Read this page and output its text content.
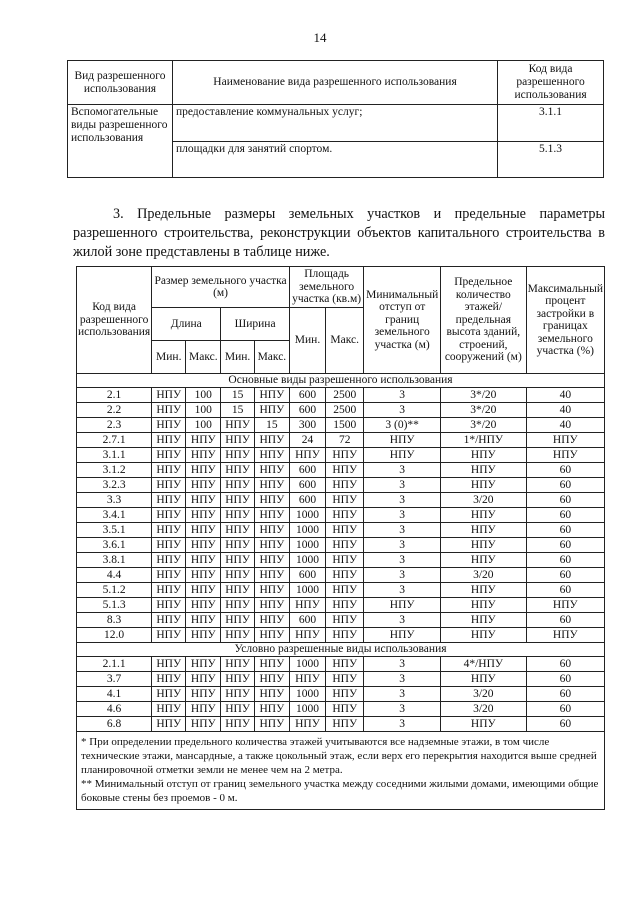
14
Вид разрешенного использования	Наименование вида разрешенного использования	Код вида разрешенного использования
Вспомогательные виды разрешенного использования	предоставление коммунальных услуг;	3.1.1
	площадки для занятий спортом.	5.1.3
3. Предельные размеры земельных участков и предельные параметры разрешенного строительства, реконструкции объектов капитального строительства в жилой зоне представлены в таблице ниже.
Код вида разрешенного использования	Размер земельного участка (м)				Площадь земельного участка (кв.м)		Минимальный отступ от границ земельного участка (м)	Предельное количество этажей/ предельная высота зданий, строений, сооружений (м)	Максимальный процент застройки в границах земельного участка (%)
	Длина		Ширина		Мин.	Макс.			
	Мин.	Макс.	Мин.	Макс.					
Основные виды разрешенного использования									
2.1	НПУ	100	15	НПУ	600	2500	3	3*/20	40
2.2	НПУ	100	15	НПУ	600	2500	3	3*/20	40
2.3	НПУ	100	НПУ	15	300	1500	3 (0)**	3*/20	40
2.7.1	НПУ	НПУ	НПУ	НПУ	24	72	НПУ	1*/НПУ	НПУ
3.1.1	НПУ	НПУ	НПУ	НПУ	НПУ	НПУ	НПУ	НПУ	НПУ
3.1.2	НПУ	НПУ	НПУ	НПУ	600	НПУ	3	НПУ	60
3.2.3	НПУ	НПУ	НПУ	НПУ	600	НПУ	3	НПУ	60
3.3	НПУ	НПУ	НПУ	НПУ	600	НПУ	3	3/20	60
3.4.1	НПУ	НПУ	НПУ	НПУ	1000	НПУ	3	НПУ	60
3.5.1	НПУ	НПУ	НПУ	НПУ	1000	НПУ	3	НПУ	60
3.6.1	НПУ	НПУ	НПУ	НПУ	1000	НПУ	3	НПУ	60
3.8.1	НПУ	НПУ	НПУ	НПУ	1000	НПУ	3	НПУ	60
4.4	НПУ	НПУ	НПУ	НПУ	600	НПУ	3	3/20	60
5.1.2	НПУ	НПУ	НПУ	НПУ	1000	НПУ	3	НПУ	60
5.1.3	НПУ	НПУ	НПУ	НПУ	НПУ	НПУ	НПУ	НПУ	НПУ
8.3	НПУ	НПУ	НПУ	НПУ	600	НПУ	3	НПУ	60
12.0	НПУ	НПУ	НПУ	НПУ	НПУ	НПУ	НПУ	НПУ	НПУ
Условно разрешенные виды использования									
2.1.1	НПУ	НПУ	НПУ	НПУ	1000	НПУ	3	4*/НПУ	60
3.7	НПУ	НПУ	НПУ	НПУ	НПУ	НПУ	3	НПУ	60
4.1	НПУ	НПУ	НПУ	НПУ	1000	НПУ	3	3/20	60
4.6	НПУ	НПУ	НПУ	НПУ	1000	НПУ	3	3/20	60
6.8	НПУ	НПУ	НПУ	НПУ	НПУ	НПУ	3	НПУ	60

* При определении предельного количества этажей учитываются все надземные этажи, в том числе технические этажи, мансардные, а также цокольный этаж, если верх его перекрытия находится выше средней планировочной отметки земли не менее чем на 2 метра.
** Минимальный отступ от границ земельного участка между соседними жилыми домами, имеющими общие боковые стены без проемов - 0 м.									
